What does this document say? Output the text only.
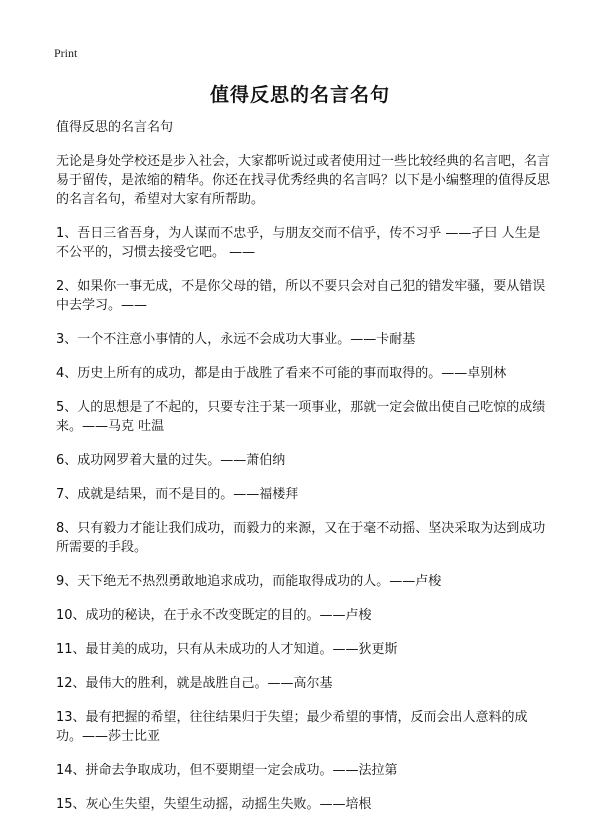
Print
值得反思的名言名句

值得反思的名言名句

无论是身处学校还是步入社会，大家都听说过或者使用过一些比较经典的名言吧，名言易于留传，是浓缩的精华。你还在找寻优秀经典的名言吗？以下是小编整理的值得反思的名言名句，希望对大家有所帮助。

1、吾日三省吾身，为人谋而不忠乎，与朋友交而不信乎，传不习乎 ——孑曰 人生是不公平的，习惯去接受它吧。 ——

2、如果你一事无成，不是你父母的错，所以不要只会对自己犯的错发牢骚，要从错误中去学习。——

3、一个不注意小事情的人，永远不会成功大事业。——卡耐基

4、历史上所有的成功，都是由于战胜了看来不可能的事而取得的。——卓别林

5、人的思想是了不起的，只要专注于某一项事业，那就一定会做出使自己吃惊的成绩来。——马克 吐温

6、成功网罗着大量的过失。——萧伯纳

7、成就是结果，而不是目的。——福楼拜

8、只有毅力才能让我们成功，而毅力的来源，又在于毫不动摇、坚决采取为达到成功所需要的手段。

9、天下绝无不热烈勇敢地追求成功，而能取得成功的人。——卢梭

10、成功的秘诀，在于永不改变既定的目的。——卢梭

11、最甘美的成功，只有从未成功的人才知道。——狄更斯

12、最伟大的胜利，就是战胜自己。——高尔基

13、最有把握的希望，往往结果归于失望；最少希望的事情，反而会出人意料的成功。——莎士比亚

14、拼命去争取成功，但不要期望一定会成功。——法拉第

15、灰心生失望，失望生动摇，动摇生失败。——培根
